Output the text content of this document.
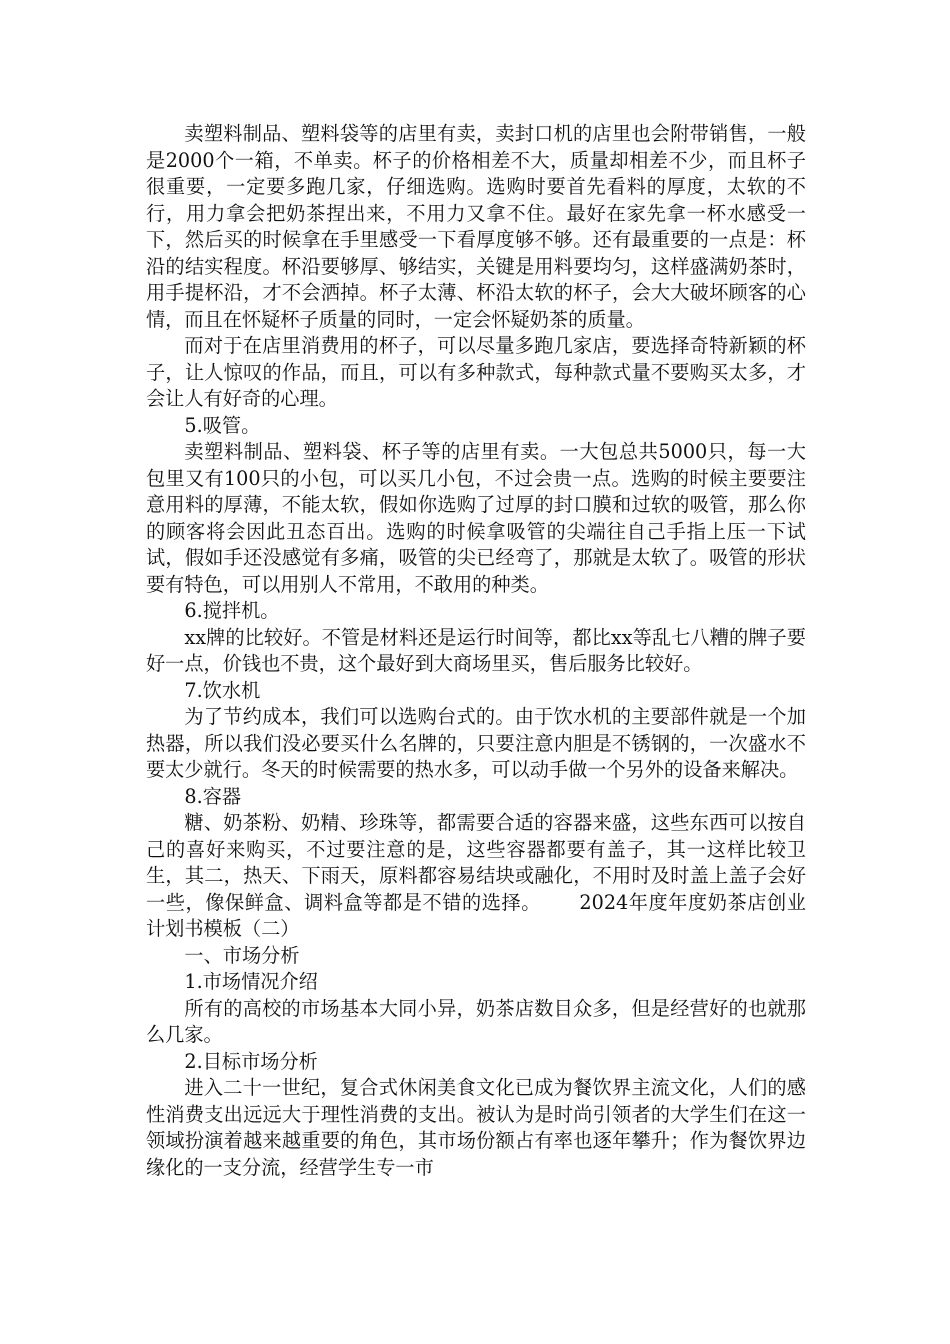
卖塑料制品、塑料袋等的店里有卖，卖封口机的店里也会附带销售，一般是2000个一箱，不单卖。杯子的价格相差不大，质量却相差不少，而且杯子很重要，一定要多跑几家，仔细选购。选购时要首先看料的厚度，太软的不行，用力拿会把奶茶捏出来，不用力又拿不住。最好在家先拿一杯水感受一下，然后买的时候拿在手里感受一下看厚度够不够。还有最重要的一点是：杯沿的结实程度。杯沿要够厚、够结实，关键是用料要均匀，这样盛满奶茶时，用手提杯沿，才不会洒掉。杯子太薄、杯沿太软的杯子，会大大破坏顾客的心情，而且在怀疑杯子质量的同时，一定会怀疑奶茶的质量。

而对于在店里消费用的杯子，可以尽量多跑几家店，要选择奇特新颖的杯子，让人惊叹的作品，而且，可以有多种款式，每种款式量不要购买太多，才会让人有好奇的心理。

5.吸管。

卖塑料制品、塑料袋、杯子等的店里有卖。一大包总共5000只，每一大包里又有100只的小包，可以买几小包，不过会贵一点。选购的时候主要要注意用料的厚薄，不能太软，假如你选购了过厚的封口膜和过软的吸管，那么你的顾客将会因此丑态百出。选购的时候拿吸管的尖端往自己手指上压一下试试，假如手还没感觉有多痛，吸管的尖已经弯了，那就是太软了。吸管的形状要有特色，可以用别人不常用，不敢用的种类。

6.搅拌机。

xx牌的比较好。不管是材料还是运行时间等，都比xx等乱七八糟的牌子要好一点，价钱也不贵，这个最好到大商场里买，售后服务比较好。

7.饮水机

为了节约成本，我们可以选购台式的。由于饮水机的主要部件就是一个加热器，所以我们没必要买什么名牌的，只要注意内胆是不锈钢的，一次盛水不要太少就行。冬天的时候需要的热水多，可以动手做一个另外的设备来解决。

8.容器

糖、奶茶粉、奶精、珍珠等，都需要合适的容器来盛，这些东西可以按自己的喜好来购买，不过要注意的是，这些容器都要有盖子，其一这样比较卫生，其二，热天、下雨天，原料都容易结块或融化，不用时及时盖上盖子会好一些，像保鲜盒、调料盒等都是不错的选择。 2024年度年度奶茶店创业计划书模板（二）

一、市场分析

1.市场情况介绍

所有的高校的市场基本大同小异，奶茶店数目众多，但是经营好的也就那么几家。

2.目标市场分析

进入二十一世纪，复合式休闲美食文化已成为餐饮界主流文化，人们的感性消费支出远远大于理性消费的支出。被认为是时尚引领者的大学生们在这一领域扮演着越来越重要的角色，其市场份额占有率也逐年攀升；作为餐饮界边缘化的一支分流，经营学生专一市
